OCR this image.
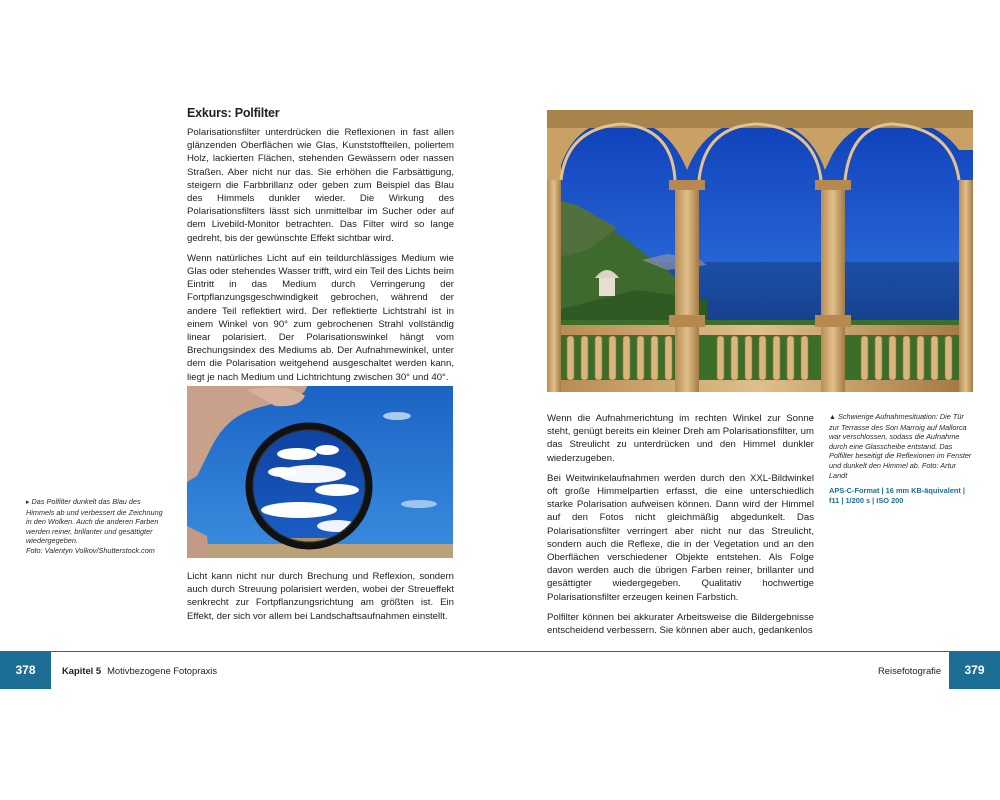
Exkurs: Polfilter

Polarisationsfilter unterdrücken die Reflexionen in fast allen glänzenden Oberflächen wie Glas, Kunststoffteilen, poliertem Holz, lackierten Flächen, stehenden Gewässern oder nassen Straßen. Aber nicht nur das. Sie erhöhen die Farbsättigung, steigern die Farbbrillanz oder geben zum Beispiel das Blau des Himmels dunkler wieder. Die Wirkung des Polarisationsfilters lässt sich unmittelbar im Sucher oder auf dem Livebild-Monitor betrachten. Das Filter wird so lange gedreht, bis der gewünschte Effekt sichtbar wird.

Wenn natürliches Licht auf ein teildurchlässiges Medium wie Glas oder stehendes Wasser trifft, wird ein Teil des Lichts beim Eintritt in das Medium durch Verringerung der Fortpflanzungsgeschwindigkeit gebrochen, während der andere Teil reflektiert wird. Der reflektierte Lichtstrahl ist in einem Winkel von 90° zum gebrochenen Strahl vollständig linear polarisiert. Der Polarisationswinkel hängt vom Brechungsindex des Mediums ab. Der Aufnahmewinkel, unter dem die Polarisation weitgehend ausgeschaltet werden kann, liegt je nach Medium und Lichtrichtung zwischen 30° und 40°.

▸ Das Polfilter dunkelt das Blau des Himmels ab und verbessert die Zeichnung in den Wolken. Auch die anderen Farben werden reiner, brillanter und gesättigter wiedergegeben.
Foto: Valentyn Volkov/Shutterstock.com

Licht kann nicht nur durch Brechung und Reflexion, sondern auch durch Streuung polarisiert werden, wobei der Streueffekt senkrecht zur Fortpflanzungsrichtung am größten ist. Ein Effekt, der sich vor allem bei Landschaftsaufnahmen einstellt.

378	Kapitel 5 Motivbezogene Fotopraxis

Wenn die Aufnahmerichtung im rechten Winkel zur Sonne steht, genügt bereits ein kleiner Dreh am Polarisationsfilter, um das Streulicht zu unterdrücken und den Himmel dunkler wiederzugeben.

Bei Weitwinkelaufnahmen werden durch den XXL-Bildwinkel oft große Himmelpartien erfasst, die eine unterschiedlich starke Polarisation aufweisen können. Dann wird der Himmel auf den Fotos nicht gleichmäßig abgedunkelt. Das Polarisationsfilter verringert aber nicht nur das Streulicht, sondern auch die Reflexe, die in der Vegetation und an den Oberflächen verschiedener Objekte entstehen. Als Folge davon werden auch die übrigen Farben reiner, brillanter und gesättigter wiedergegeben. Qualitativ hochwertige Polarisationsfilter erzeugen keinen Farbstich.

Polfilter können bei akkurater Arbeitsweise die Bildergebnisse entscheidend verbessern. Sie können aber auch, gedankenlos

▲ Schwierige Aufnahmesituation: Die Tür zur Terrasse des Son Marroig auf Mallorca war verschlossen, sodass die Aufnahme durch eine Glasscheibe entstand. Das Polfilter beseitigt die Reflexionen im Fenster und dunkelt den Himmel ab. Foto: Artur Landt
APS-C-Format | 16 mm KB-äquivalent | f11 | 1/200 s | ISO 200
Reisefotografie	379
